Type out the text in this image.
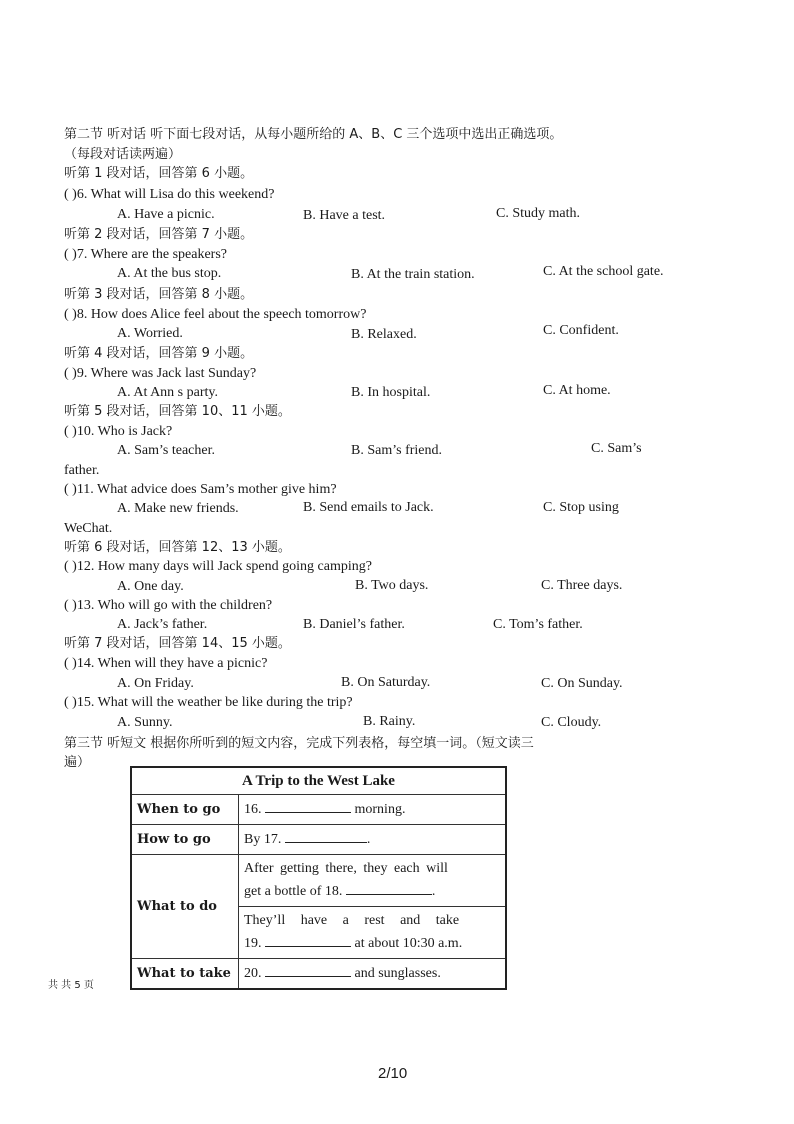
第二节 听对话 听下面七段对话，从每小题所给的 A、B、C 三个选项中选出正确选项。
（每段对话读两遍）
听第 1 段对话，回答第 6 小题。
( )6. What will Lisa do this weekend?
A. Have a picnic.	B. Have a test.	C. Study math.
听第 2 段对话，回答第 7 小题。
( )7. Where are the speakers?
A. At the bus stop.	B. At the train station.	C. At the school gate.
听第 3 段对话，回答第 8 小题。
( )8. How does Alice feel about the speech tomorrow?
A. Worried.	B. Relaxed.	C. Confident.
听第 4 段对话，回答第 9 小题。
( )9. Where was Jack last Sunday?
A. At Ann s party.	B. In hospital.	C. At home.
听第 5 段对话，回答第 10、11 小题。
( )10. Who is Jack?
A. Sam’s teacher.	B. Sam’s friend.	C. Sam’s
father.
( )11. What advice does Sam’s mother give him?
A. Make new friends.	B. Send emails to Jack.	C. Stop using
WeChat.
听第 6 段对话，回答第 12、13 小题。
( )12. How many days will Jack spend going camping?
A. One day.	B. Two days.	C. Three days.
( )13. Who will go with the children?
A. Jack’s father.	B. Daniel’s father.	C. Tom’s father.
听第 7 段对话，回答第 14、15 小题。
( )14. When will they have a picnic?
A. On Friday.	B. On Saturday.	C. On Sunday.
( )15. What will the weather be like during the trip?
A. Sunny.	B. Rainy.	C. Cloudy.
第三节 听短文 根据你所听到的短文内容，完成下列表格，每空填一词。（短文读三
遍）
A Trip to the West Lake	
When to go	16. morning.
How to go	By 17. .
What to do	After getting there, they each will
get a bottle of 18. .

	They’ll have a rest and take
19. at about 10:30 a.m.

What to take	20. and sunglasses.
共 共 5 页
2/10
